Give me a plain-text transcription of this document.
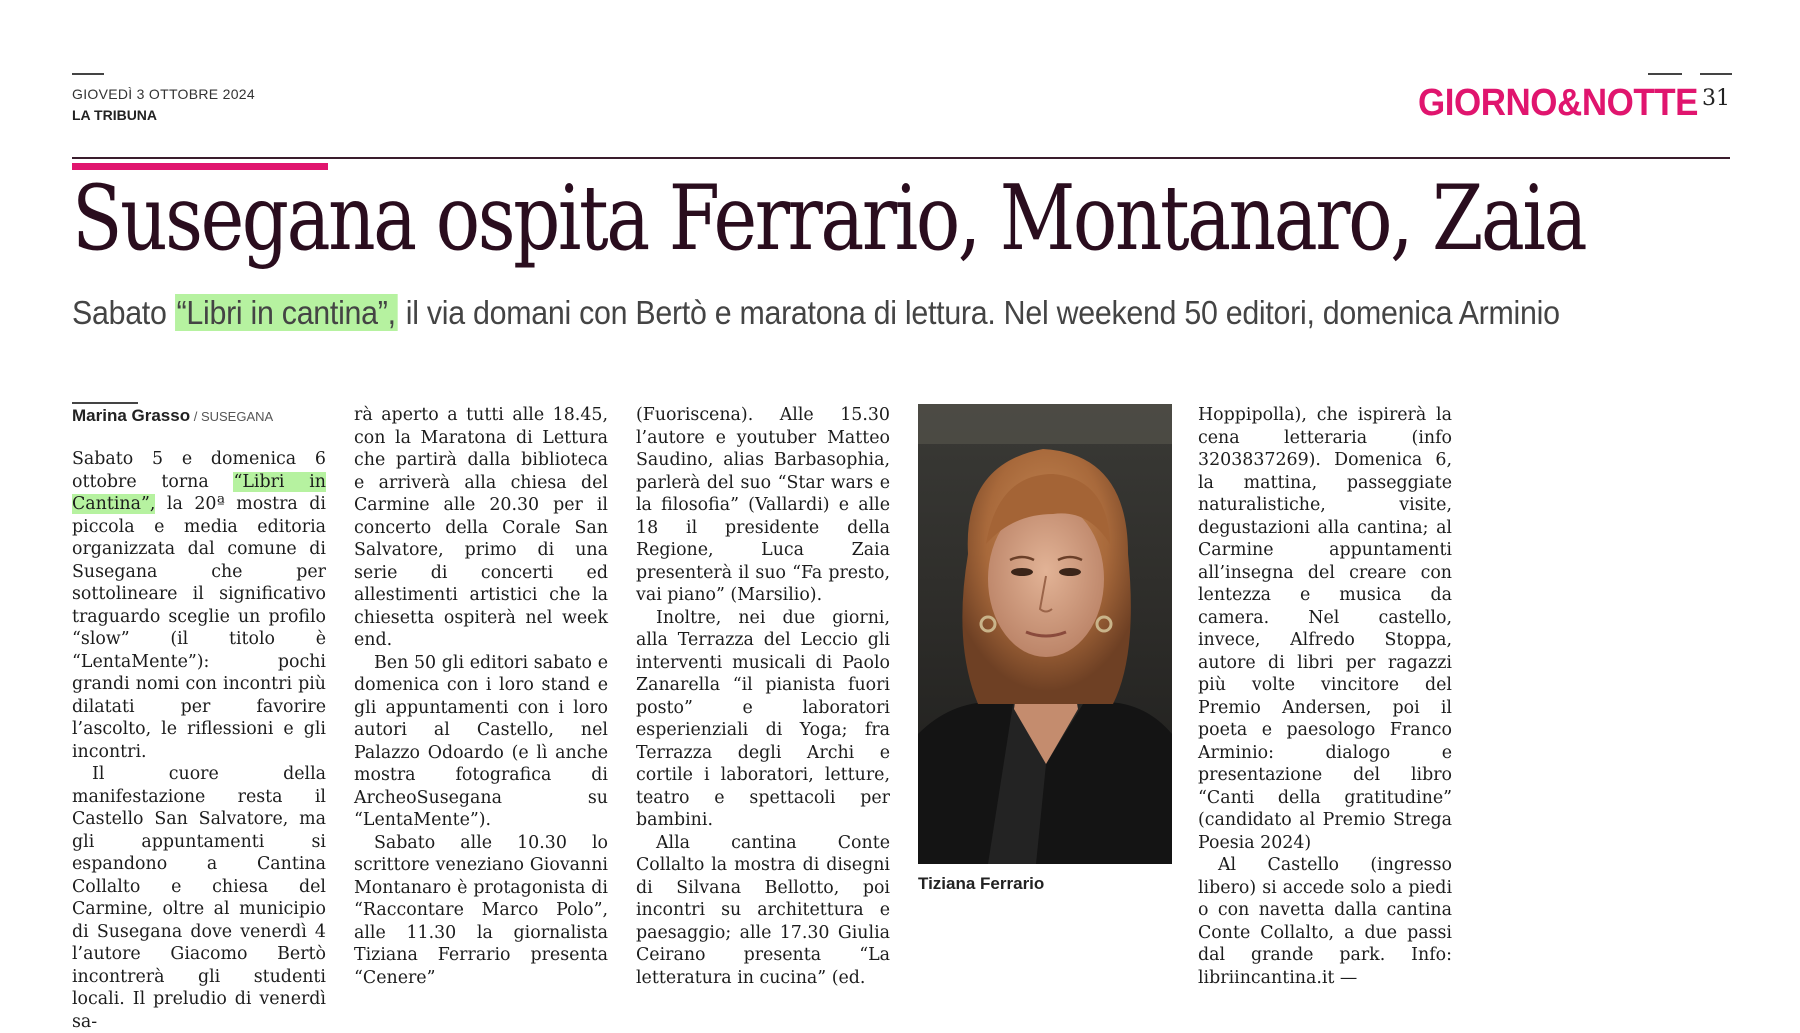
GIOVEDÌ 3 OTTOBRE 2024
LA TRIBUNA	GIORNO&NOTTE 31
Susegana ospita Ferrario, Montanaro, Zaia
Sabato “Libri in cantina”, il via domani con Bertò e maratona di lettura. Nel weekend 50 editori, domenica Arminio
Marina Grasso / SUSEGANA

Sabato 5 e domenica 6 ottobre torna “Libri in Cantina”, la 20ª mostra di piccola e media editoria organizzata dal comune di Susegana che per sottolineare il significativo traguardo sceglie un profilo “slow” (il titolo è “LentaMente”): pochi grandi nomi con incontri più dilatati per favorire l’ascolto, le riflessioni e gli incontri.

Il cuore della manifestazione resta il Castello San Salvatore, ma gli appuntamenti si espandono a Cantina Collalto e chiesa del Carmine, oltre al municipio di Susegana dove venerdì 4 l’autore Giacomo Bertò incontrerà gli studenti locali. Il preludio di venerdì sa-

rà aperto a tutti alle 18.45, con la Maratona di Lettura che partirà dalla biblioteca e arriverà alla chiesa del Carmine alle 20.30 per il concerto della Corale San Salvatore, primo di una serie di concerti ed allestimenti artistici che la chiesetta ospiterà nel week end.

Ben 50 gli editori sabato e domenica con i loro stand e gli appuntamenti con i loro autori al Castello, nel Palazzo Odoardo (e lì anche mostra fotografica di ArcheoSusegana su “LentaMente”).

Sabato alle 10.30 lo scrittore veneziano Giovanni Montanaro è protagonista di “Raccontare Marco Polo”, alle 11.30 la giornalista Tiziana Ferrario presenta “Cenere”

(Fuoriscena). Alle 15.30 l’autore e youtuber Matteo Saudino, alias Barbasophia, parlerà del suo “Star wars e la filosofia” (Vallardi) e alle 18 il presidente della Regione, Luca Zaia presenterà il suo “Fa presto, vai piano” (Marsilio).

Inoltre, nei due giorni, alla Terrazza del Leccio gli interventi musicali di Paolo Zanarella “il pianista fuori posto” e laboratori esperienziali di Yoga; fra Terrazza degli Archi e cortile i laboratori, letture, teatro e spettacoli per bambini.

Alla cantina Conte Collalto la mostra di disegni di Silvana Bellotto, poi incontri su architettura e paesaggio; alle 17.30 Giulia Ceirano presenta “La letteratura in cucina” (ed.

Tiziana Ferrario

Hoppipolla), che ispirerà la cena letteraria (info 3203837269). Domenica 6, la mattina, passeggiate naturalistiche, visite, degustazioni alla cantina; al Carmine appuntamenti all’insegna del creare con lentezza e musica da camera. Nel castello, invece, Alfredo Stoppa, autore di libri per ragazzi più volte vincitore del Premio Andersen, poi il poeta e paesologo Franco Arminio: dialogo e presentazione del libro “Canti della gratitudine” (candidato al Premio Strega Poesia 2024)

Al Castello (ingresso libero) si accede solo a piedi o con navetta dalla cantina Conte Collalto, a due passi dal grande park. Info: libriincantina.it —
